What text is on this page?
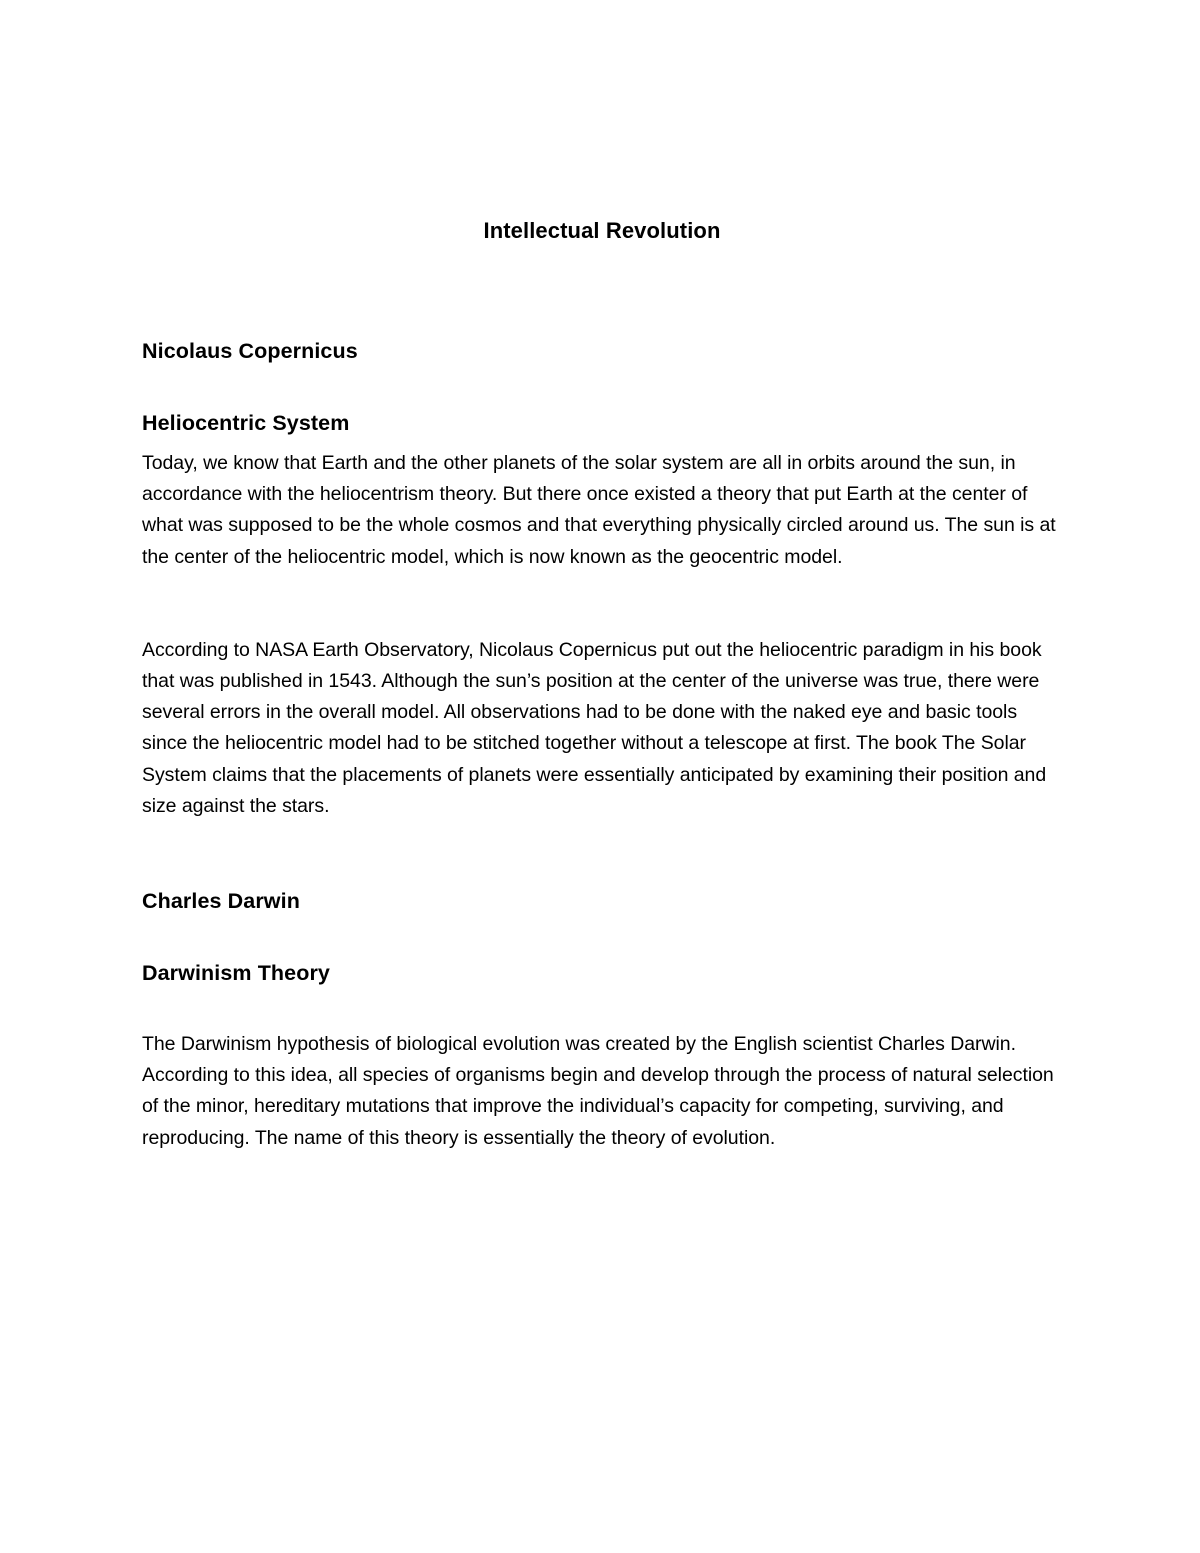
Intellectual Revolution
Nicolaus Copernicus
Heliocentric System

Today, we know that Earth and the other planets of the solar system are all in orbits around the sun, in accordance with the heliocentrism theory. But there once existed a theory that put Earth at the center of what was supposed to be the whole cosmos and that everything physically circled around us. The sun is at the center of the heliocentric model, which is now known as the geocentric model.

According to NASA Earth Observatory, Nicolaus Copernicus put out the heliocentric paradigm in his book that was published in 1543. Although the sun’s position at the center of the universe was true, there were several errors in the overall model. All observations had to be done with the naked eye and basic tools since the heliocentric model had to be stitched together without a telescope at first. The book The Solar System claims that the placements of planets were essentially anticipated by examining their position and size against the stars.

Charles Darwin
Darwinism Theory

The Darwinism hypothesis of biological evolution was created by the English scientist Charles Darwin. According to this idea, all species of organisms begin and develop through the process of natural selection of the minor, hereditary mutations that improve the individual’s capacity for competing, surviving, and reproducing. The name of this theory is essentially the theory of evolution.
